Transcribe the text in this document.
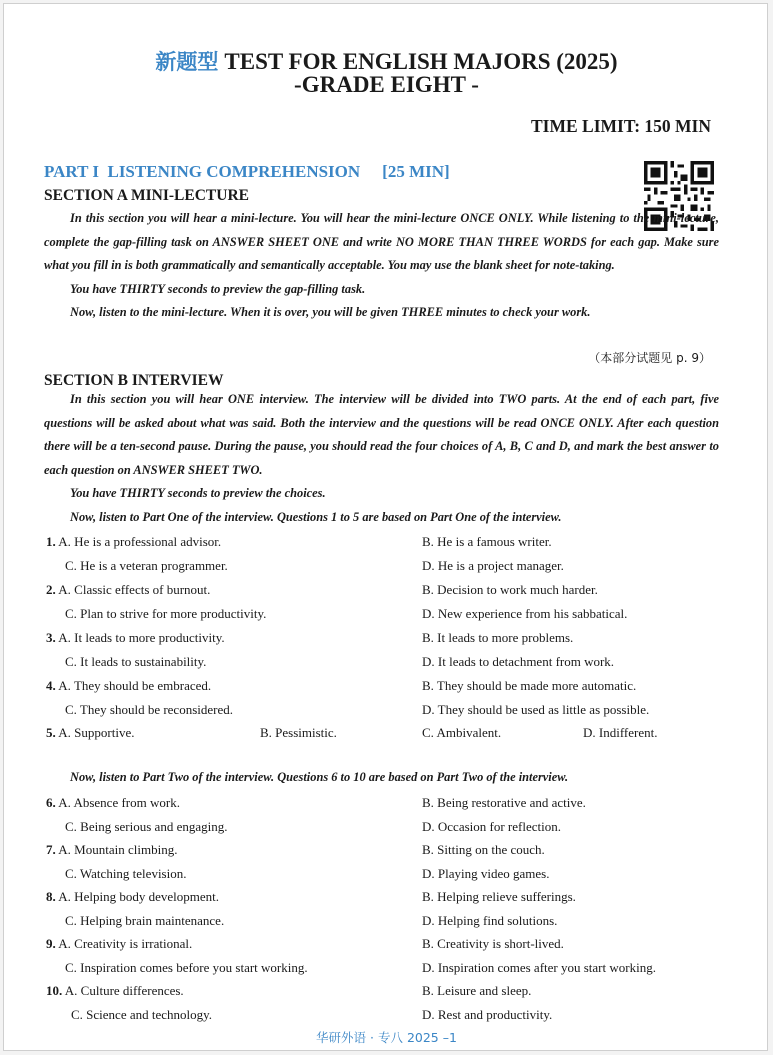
新题型 TEST FOR ENGLISH MAJORS (2025)
-GRADE EIGHT -
TIME LIMIT: 150 MIN
PART I  LISTENING COMPREHENSION [25 MIN]
SECTION A MINI-LECTURE

In this section you will hear a mini-lecture. You will hear the mini-lecture ONCE ONLY. While listening to the mini-lecture, complete the gap-filling task on ANSWER SHEET ONE and write NO MORE THAN THREE WORDS for each gap. Make sure what you fill in is both grammatically and semantically acceptable. You may use the blank sheet for note-taking.

You have THIRTY seconds to preview the gap-filling task.

Now, listen to the mini-lecture. When it is over, you will be given THREE minutes to check your work.

（本部分试题见 p. 9）
SECTION B INTERVIEW

In this section you will hear ONE interview. The interview will be divided into TWO parts. At the end of each part, five questions will be asked about what was said. Both the interview and the questions will be read ONCE ONLY. After each question there will be a ten-second pause. During the pause, you should read the four choices of A, B, C and D, and mark the best answer to each question on ANSWER SHEET TWO.

You have THIRTY seconds to preview the choices.

Now, listen to Part One of the interview. Questions 1 to 5 are based on Part One of the interview.

1. A. He is a professional advisor.	B. He is a famous writer.
C. He is a veteran programmer.	D. He is a project manager.
2. A. Classic effects of burnout.	B. Decision to work much harder.
C. Plan to strive for more productivity.	D. New experience from his sabbatical.
3. A. It leads to more productivity.	B. It leads to more problems.
C. It leads to sustainability.	D. It leads to detachment from work.
4. A. They should be embraced.	B. They should be made more automatic.
C. They should be reconsidered.	D. They should be used as little as possible.
5. A. Supportive.	B. Pessimistic.	C. Ambivalent.	D. Indifferent.

Now, listen to Part Two of the interview. Questions 6 to 10 are based on Part Two of the interview.

6. A. Absence from work.	B. Being restorative and active.
C. Being serious and engaging.	D. Occasion for reflection.
7. A. Mountain climbing.	B. Sitting on the couch.
C. Watching television.	D. Playing video games.
8. A. Helping body development.	B. Helping relieve sufferings.
C. Helping brain maintenance.	D. Helping find solutions.
9. A. Creativity is irrational.	B. Creativity is short-lived.
C. Inspiration comes before you start working.	D. Inspiration comes after you start working.
10. A. Culture differences.	B. Leisure and sleep.
C. Science and technology.	D. Rest and productivity.
华研外语 · 专八 2025 –1
